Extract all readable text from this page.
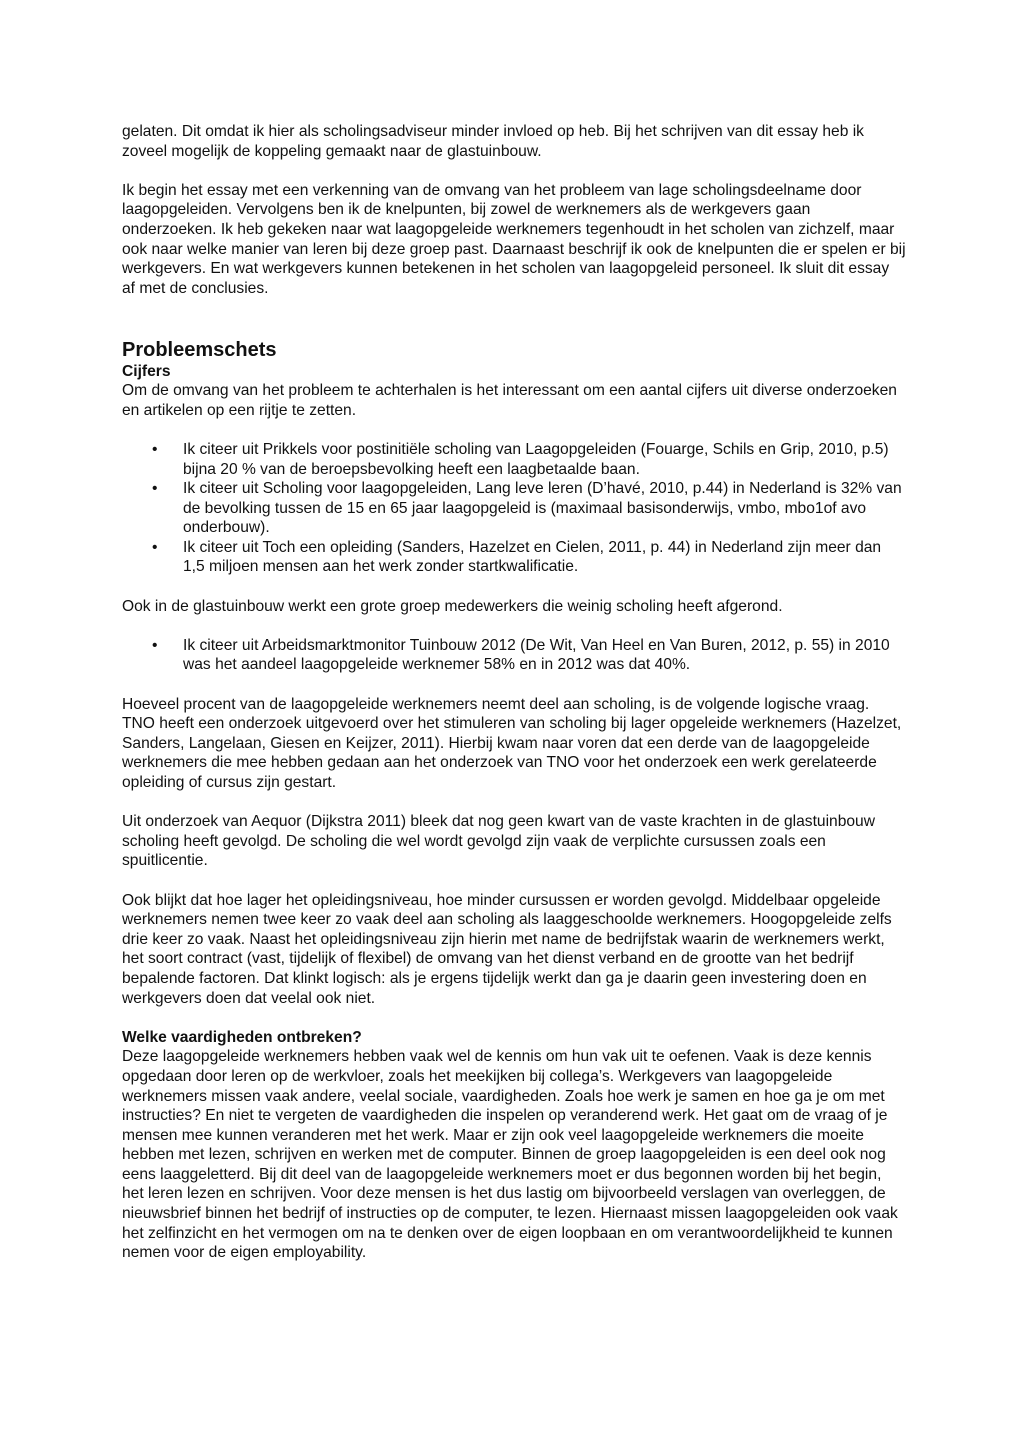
gelaten. Dit omdat ik hier als scholingsadviseur minder invloed op heb. Bij het schrijven van dit essay heb ik zoveel mogelijk de koppeling gemaakt naar de glastuinbouw.

Ik begin het essay met een verkenning van de omvang van het probleem van lage scholingsdeelname door laagopgeleiden. Vervolgens ben ik de knelpunten, bij zowel de werknemers als de werkgevers gaan onderzoeken. Ik heb gekeken naar wat laagopgeleide werknemers tegenhoudt in het scholen van zichzelf, maar ook naar welke manier van leren bij deze groep past. Daarnaast beschrijf ik ook de knelpunten die er spelen er bij werkgevers. En wat werkgevers kunnen betekenen in het scholen van laagopgeleid personeel. Ik sluit dit essay af met de conclusies.

Probleemschets
Cijfers

Om de omvang van het probleem te achterhalen is het interessant om een aantal cijfers uit diverse onderzoeken en artikelen op een rijtje te zetten.

• Ik citeer uit Prikkels voor postinitiële scholing van Laagopgeleiden (Fouarge, Schils en Grip, 2010, p.5) bijna 20 % van de beroepsbevolking heeft een laagbetaalde baan.
• Ik citeer uit Scholing voor laagopgeleiden, Lang leve leren (D’havé, 2010, p.44) in Nederland is 32% van de bevolking tussen de 15 en 65 jaar laagopgeleid is (maximaal basisonderwijs, vmbo, mbo1of avo onderbouw).
• Ik citeer uit Toch een opleiding (Sanders, Hazelzet en Cielen, 2011, p. 44) in Nederland zijn meer dan 1,5 miljoen mensen aan het werk zonder startkwalificatie.

Ook in de glastuinbouw werkt een grote groep medewerkers die weinig scholing heeft afgerond.

• Ik citeer uit Arbeidsmarktmonitor Tuinbouw 2012 (De Wit, Van Heel en Van Buren, 2012, p. 55) in 2010 was het aandeel laagopgeleide werknemer 58% en in 2012 was dat 40%.

Hoeveel procent van de laagopgeleide werknemers neemt deel aan scholing, is de volgende logische vraag. TNO heeft een onderzoek uitgevoerd over het stimuleren van scholing bij lager opgeleide werknemers (Hazelzet, Sanders, Langelaan, Giesen en Keijzer, 2011). Hierbij kwam naar voren dat een derde van de laagopgeleide werknemers die mee hebben gedaan aan het onderzoek van TNO voor het onderzoek een werk gerelateerde opleiding of cursus zijn gestart.

Uit onderzoek van Aequor (Dijkstra 2011) bleek dat nog geen kwart van de vaste krachten in de glastuinbouw scholing heeft gevolgd. De scholing die wel wordt gevolgd zijn vaak de verplichte cursussen zoals een spuitlicentie.

Ook blijkt dat hoe lager het opleidingsniveau, hoe minder cursussen er worden gevolgd. Middelbaar opgeleide werknemers nemen twee keer zo vaak deel aan scholing als laaggeschoolde werknemers. Hoogopgeleide zelfs drie keer zo vaak. Naast het opleidingsniveau zijn hierin met name de bedrijfstak waarin de werknemers werkt, het soort contract (vast, tijdelijk of flexibel) de omvang van het dienst verband en de grootte van het bedrijf bepalende factoren. Dat klinkt logisch: als je ergens tijdelijk werkt dan ga je daarin geen investering doen en werkgevers doen dat veelal ook niet.

Welke vaardigheden ontbreken?

Deze laagopgeleide werknemers hebben vaak wel de kennis om hun vak uit te oefenen. Vaak is deze kennis opgedaan door leren op de werkvloer, zoals het meekijken bij collega’s. Werkgevers van laagopgeleide werknemers missen vaak andere, veelal sociale, vaardigheden. Zoals hoe werk je samen en hoe ga je om met instructies? En niet te vergeten de vaardigheden die inspelen op veranderend werk. Het gaat om de vraag of je mensen mee kunnen veranderen met het werk. Maar er zijn ook veel laagopgeleide werknemers die moeite hebben met lezen, schrijven en werken met de computer. Binnen de groep laagopgeleiden is een deel ook nog eens laaggeletterd. Bij dit deel van de laagopgeleide werknemers moet er dus begonnen worden bij het begin, het leren lezen en schrijven. Voor deze mensen is het dus lastig om bijvoorbeeld verslagen van overleggen, de nieuwsbrief binnen het bedrijf of instructies op de computer, te lezen. Hiernaast missen laagopgeleiden ook vaak het zelfinzicht en het vermogen om na te denken over de eigen loopbaan en om verantwoordelijkheid te kunnen nemen voor de eigen employability.
